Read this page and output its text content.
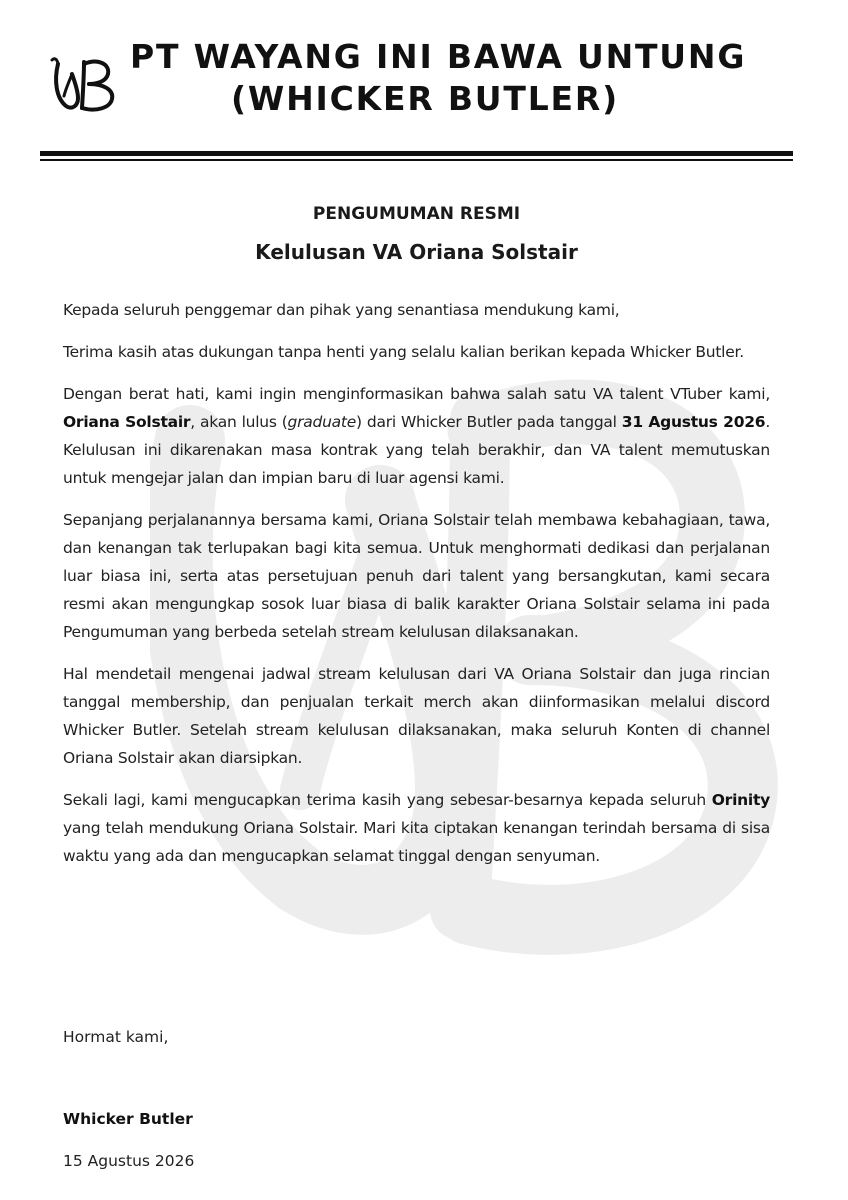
PT WAYANG INI BAWA UNTUNG
(WHICKER BUTLER)
PENGUMUMAN RESMI
Kelulusan VA Oriana Solstair

Kepada seluruh penggemar dan pihak yang senantiasa mendukung kami,

Terima kasih atas dukungan tanpa henti yang selalu kalian berikan kepada Whicker Butler.

Dengan berat hati, kami ingin menginformasikan bahwa salah satu VA talent VTuber kami, Oriana Solstair, akan lulus (graduate) dari Whicker Butler pada tanggal 31 Agustus 2026. Kelulusan ini dikarenakan masa kontrak yang telah berakhir, dan VA talent memutuskan untuk mengejar jalan dan impian baru di luar agensi kami.

Sepanjang perjalanannya bersama kami, Oriana Solstair telah membawa kebahagiaan, tawa, dan kenangan tak terlupakan bagi kita semua. Untuk menghormati dedikasi dan perjalanan luar biasa ini, serta atas persetujuan penuh dari talent yang bersangkutan, kami secara resmi akan mengungkap sosok luar biasa di balik karakter Oriana Solstair selama ini pada Pengumuman yang berbeda setelah stream kelulusan dilaksanakan.

Hal mendetail mengenai jadwal stream kelulusan dari VA Oriana Solstair dan juga rincian tanggal membership, dan penjualan terkait merch akan diinformasikan melalui discord Whicker Butler. Setelah stream kelulusan dilaksanakan, maka seluruh Konten di channel Oriana Solstair akan diarsipkan.

Sekali lagi, kami mengucapkan terima kasih yang sebesar-besarnya kepada seluruh Orinity yang telah mendukung Oriana Solstair. Mari kita ciptakan kenangan terindah bersama di sisa waktu yang ada dan mengucapkan selamat tinggal dengan senyuman.

Hormat kami,
Whicker Butler
15 Agustus 2026
